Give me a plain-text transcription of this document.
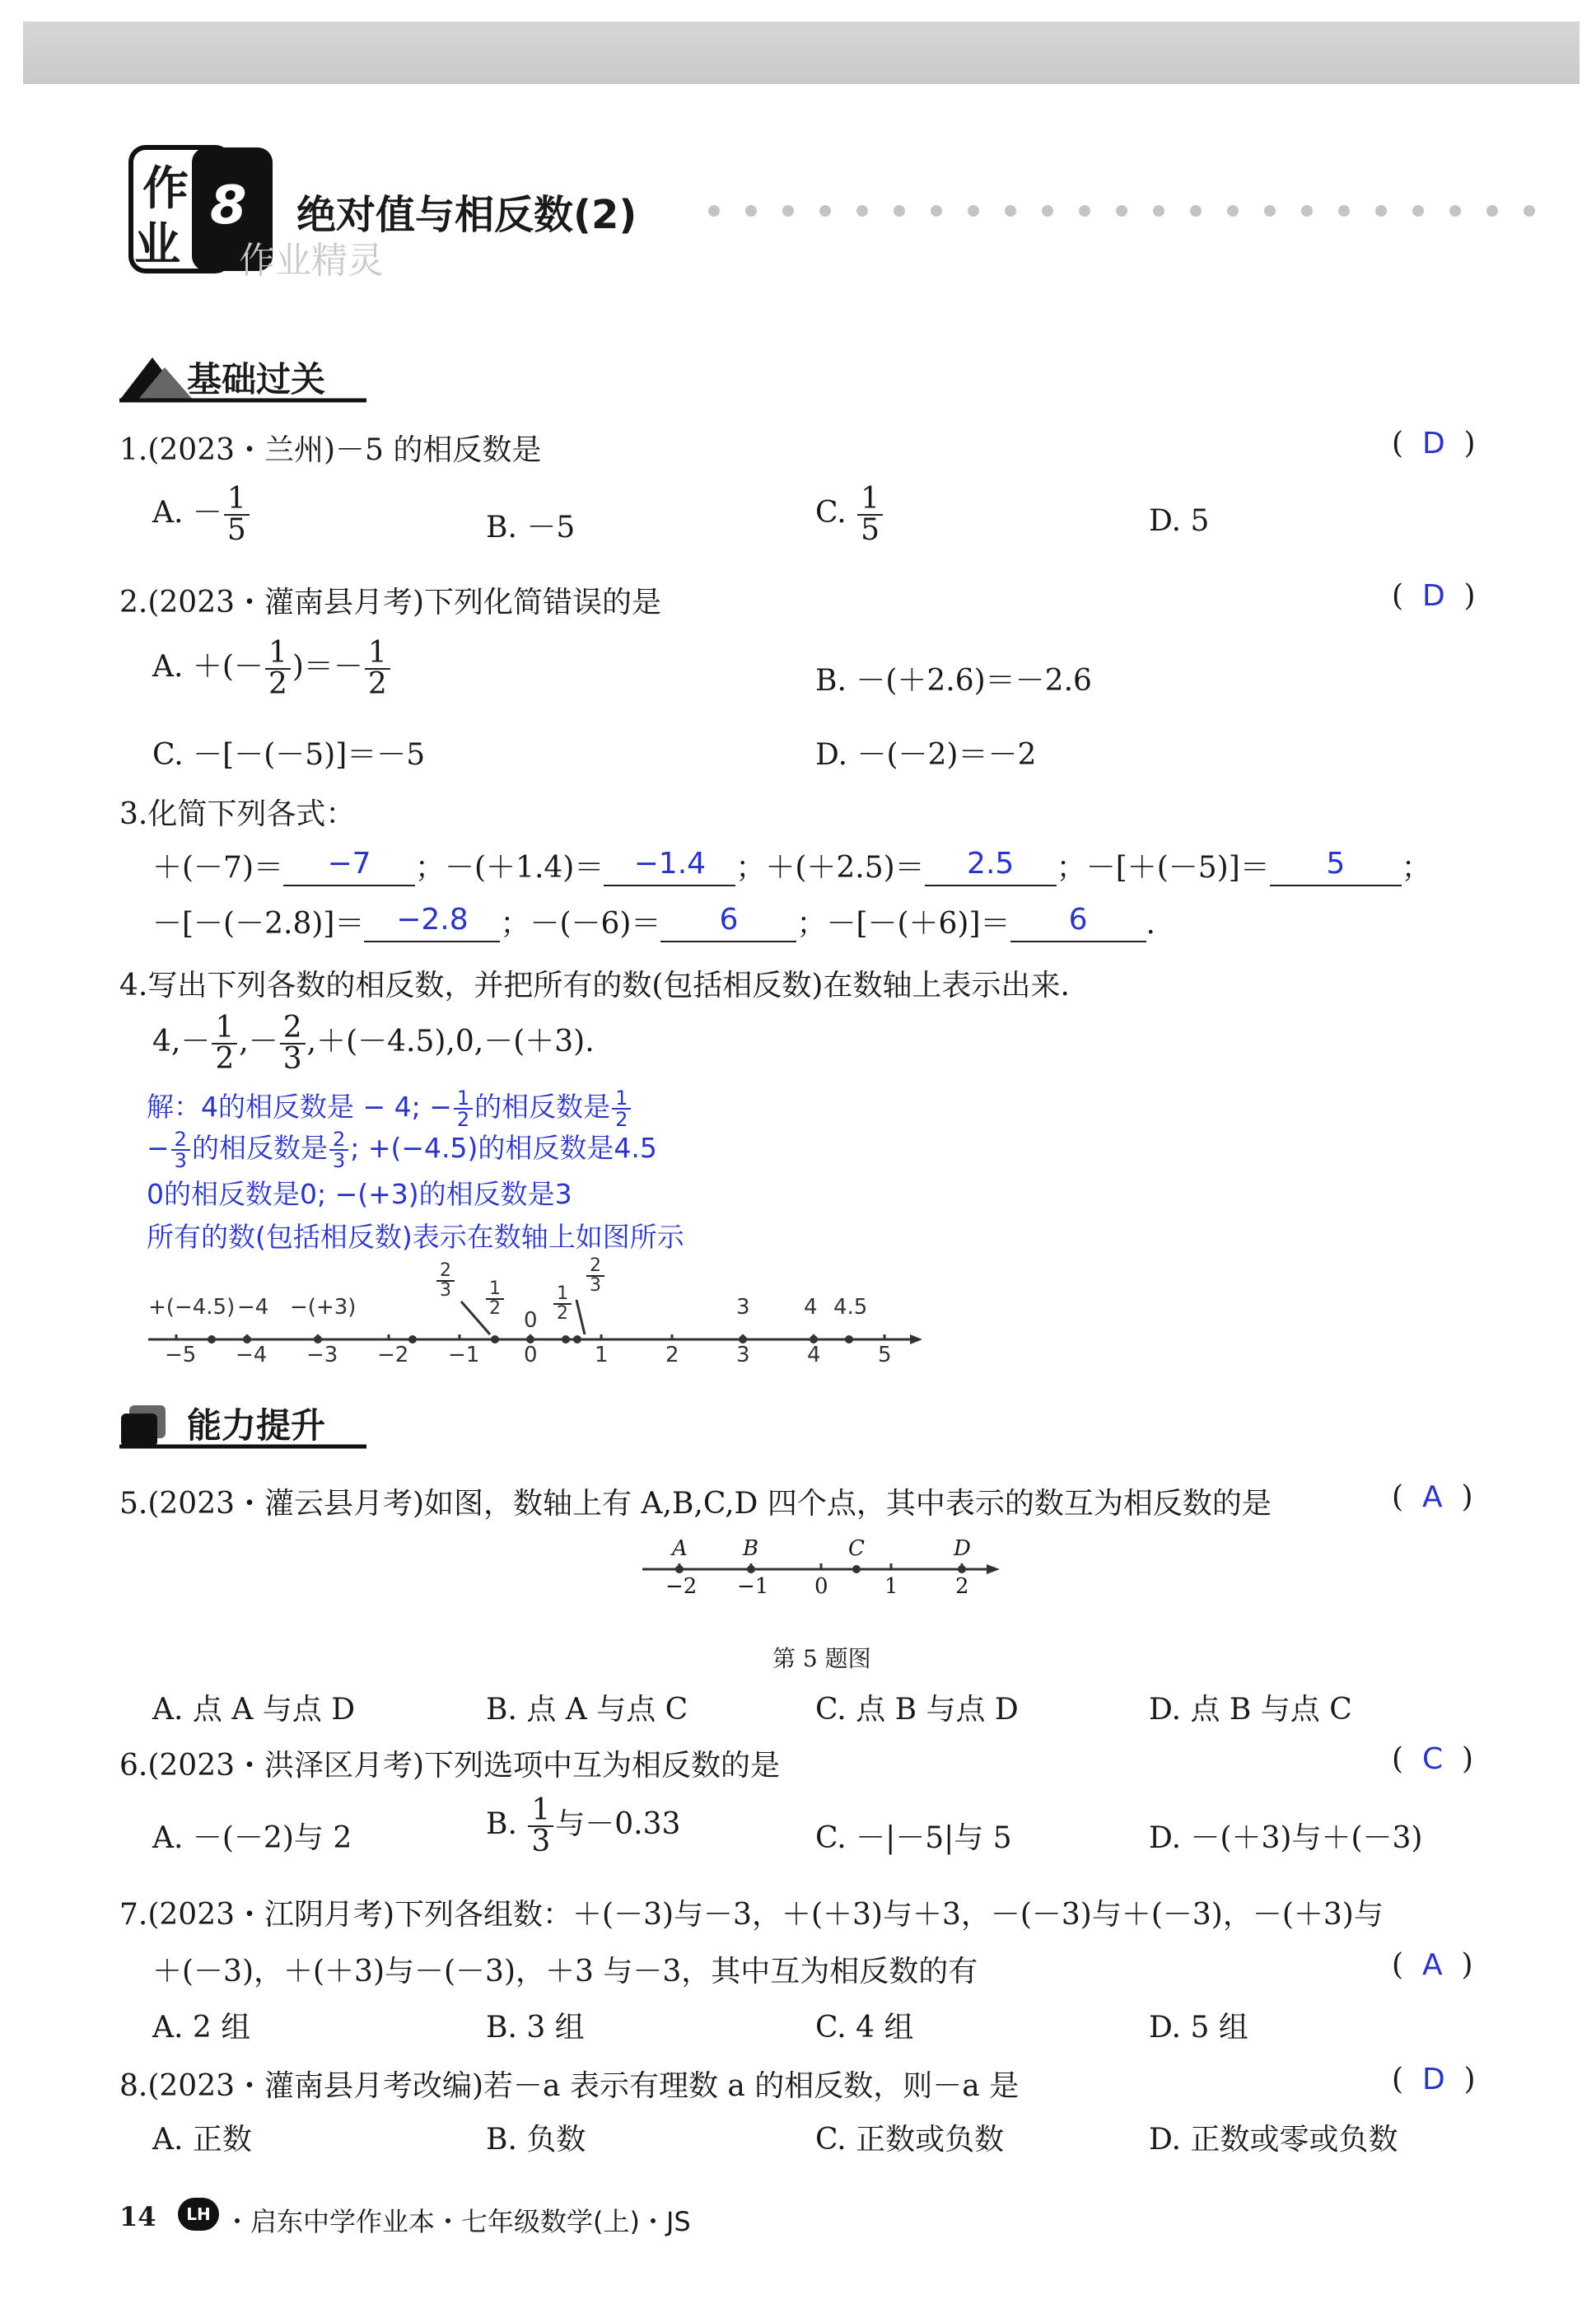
作
业
8 绝对值与相反数(2)
作业精灵
基础过关
1.(2023・兰州)－5 的相反数是	(  D  )
A. － $\frac{1}{5}$	B. －5	C. $\frac{1}{5}$	D. 5
2.(2023・灌南县月考)下列化简错误的是	(  D  )
A. ＋(－ $\frac{1}{2}$ )＝－ $\frac{1}{2}$	B. －(＋2.6)＝－2.6
C. －[－(－5)]＝－5	D. －(－2)＝－2
3.化简下列各式：
＋(－7)＝ −7 ；－(＋1.4)＝ −1.4 ；＋(＋2.5)＝ 2.5 ；－[＋(－5)]＝ 5 ；
－[－(－2.8)]＝ −2.8 ；－(－6)＝ 6 ；－[－(＋6)]＝ 6 .
4.写出下列各数的相反数，并把所有的数(包括相反数)在数轴上表示出来.
$4,- \frac{1}{2}$ ,－ $\frac{2}{3} ,+(-4.5),0,-(+3)$.
解：4的相反数是 − 4; − $\frac{1}{2}$ 的相反数是 $\frac{1}{2}$
− $\frac{2}{3}$ 的相反数是 $\frac{2}{3}$ ; +(−4.5)的相反数是4.5
0的相反数是0; −(+3)的相反数是3
所有的数(包括相反数)表示在数轴上如图所示
−5 −4 −3 −2 −1 0	1	2	3	4	5
+(−4.5) −4 −(+3)
$\frac{2}{3} \frac{1}{2}$
$0 \frac{1}{2}$
$\frac{2}{3}$
3	4 4.5
能力提升
5.(2023・灌云县月考)如图，数轴上有 A,B,C,D 四个点，其中表示的数互为相反数的是	(  A  )
A	B	C	D
−2 −1 0	1	2
第 5 题图
A. 点 A 与点 D	B. 点 A 与点 C	C. 点 B 与点 D	D. 点 B 与点 C
6.(2023・洪泽区月考)下列选项中互为相反数的是	(  C  )
A. －(－2)与 2	B. $\frac{1}{3}$ 与－0.33	C. －|－5|与 5	D. －(＋3)与＋(－3)
7.(2023・江阴月考)下列各组数：＋(－3)与－3，＋(＋3)与＋3，－(－3)与＋(－3)，－(＋3)与
＋(－3)，＋(＋3)与－(－3)，＋3 与－3，其中互为相反数的有	(  A  )
A. 2 组	B. 3 组	C. 4 组	D. 5 组
8.(2023・灌南县月考改编)若－a 表示有理数 a 的相反数，则－a 是	(  D  )
A. 正数	B. 负数	C. 正数或负数	D. 正数或零或负数
14	LH ・启东中学作业本・七年级数学(上)・JS
